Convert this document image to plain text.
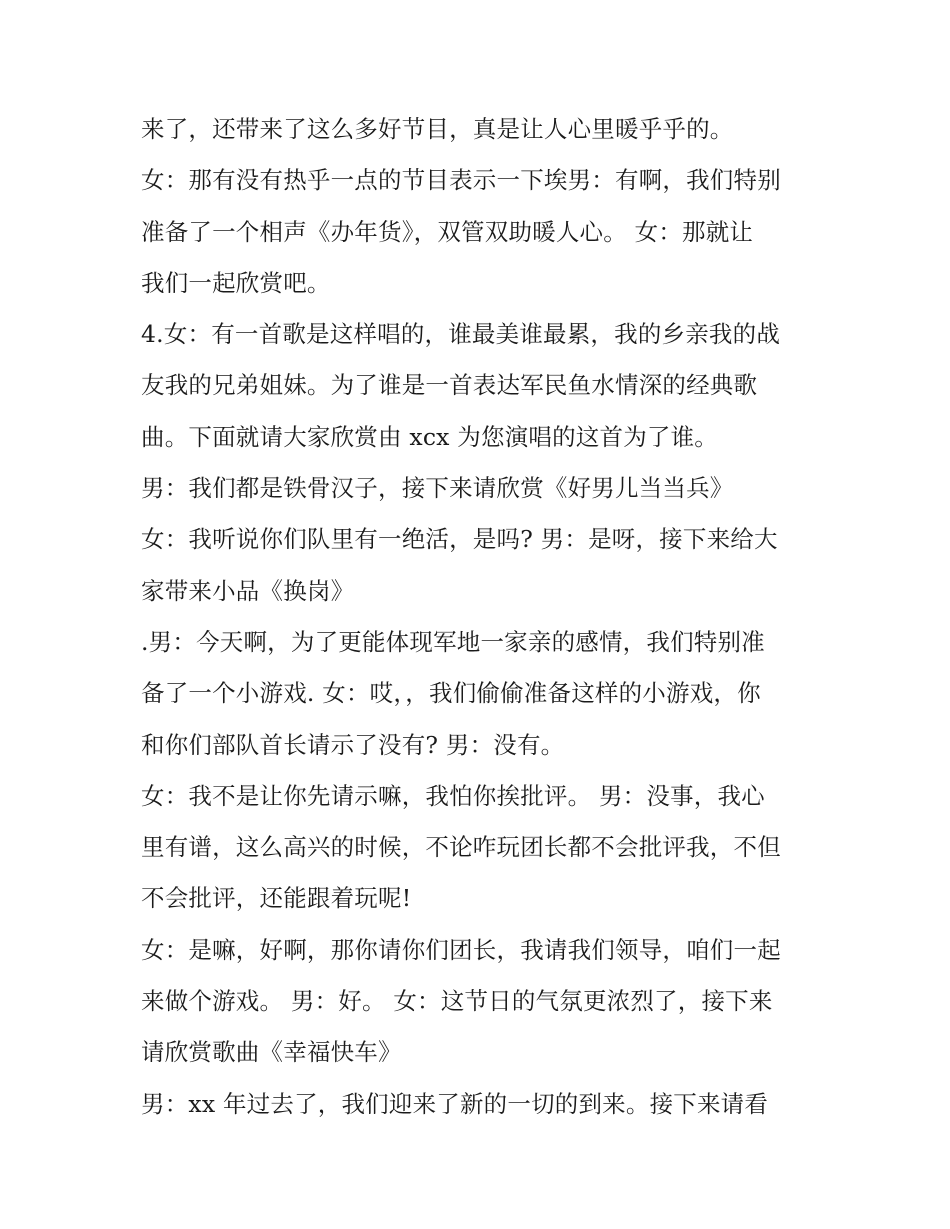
来了，还带来了这么多好节目，真是让人心里暖乎乎的。
女：那有没有热乎一点的节目表示一下埃男：有啊，我们特别
准备了一个相声《办年货》，双管双助暖人心。 女：那就让
我们一起欣赏吧。
4.女：有一首歌是这样唱的，谁最美谁最累，我的乡亲我的战
友我的兄弟姐妹。为了谁是一首表达军民鱼水情深的经典歌
曲。下面就请大家欣赏由 xcx 为您演唱的这首为了谁。
男：我们都是铁骨汉子，接下来请欣赏《好男儿当当兵》
女：我听说你们队里有一绝活，是吗? 男：是呀，接下来给大
家带来小品《换岗》
.男：今天啊，为了更能体现军地一家亲的感情，我们特别准
备了一个小游戏. 女：哎，，我们偷偷准备这样的小游戏，你
和你们部队首长请示了没有? 男：没有。
女：我不是让你先请示嘛，我怕你挨批评。 男：没事，我心
里有谱，这么高兴的时候，不论咋玩团长都不会批评我，不但
不会批评，还能跟着玩呢!
女：是嘛，好啊，那你请你们团长，我请我们领导，咱们一起
来做个游戏。 男：好。 女：这节日的气氛更浓烈了，接下来
请欣赏歌曲《幸福快车》
男：xx 年过去了，我们迎来了新的一切的到来。接下来请看
